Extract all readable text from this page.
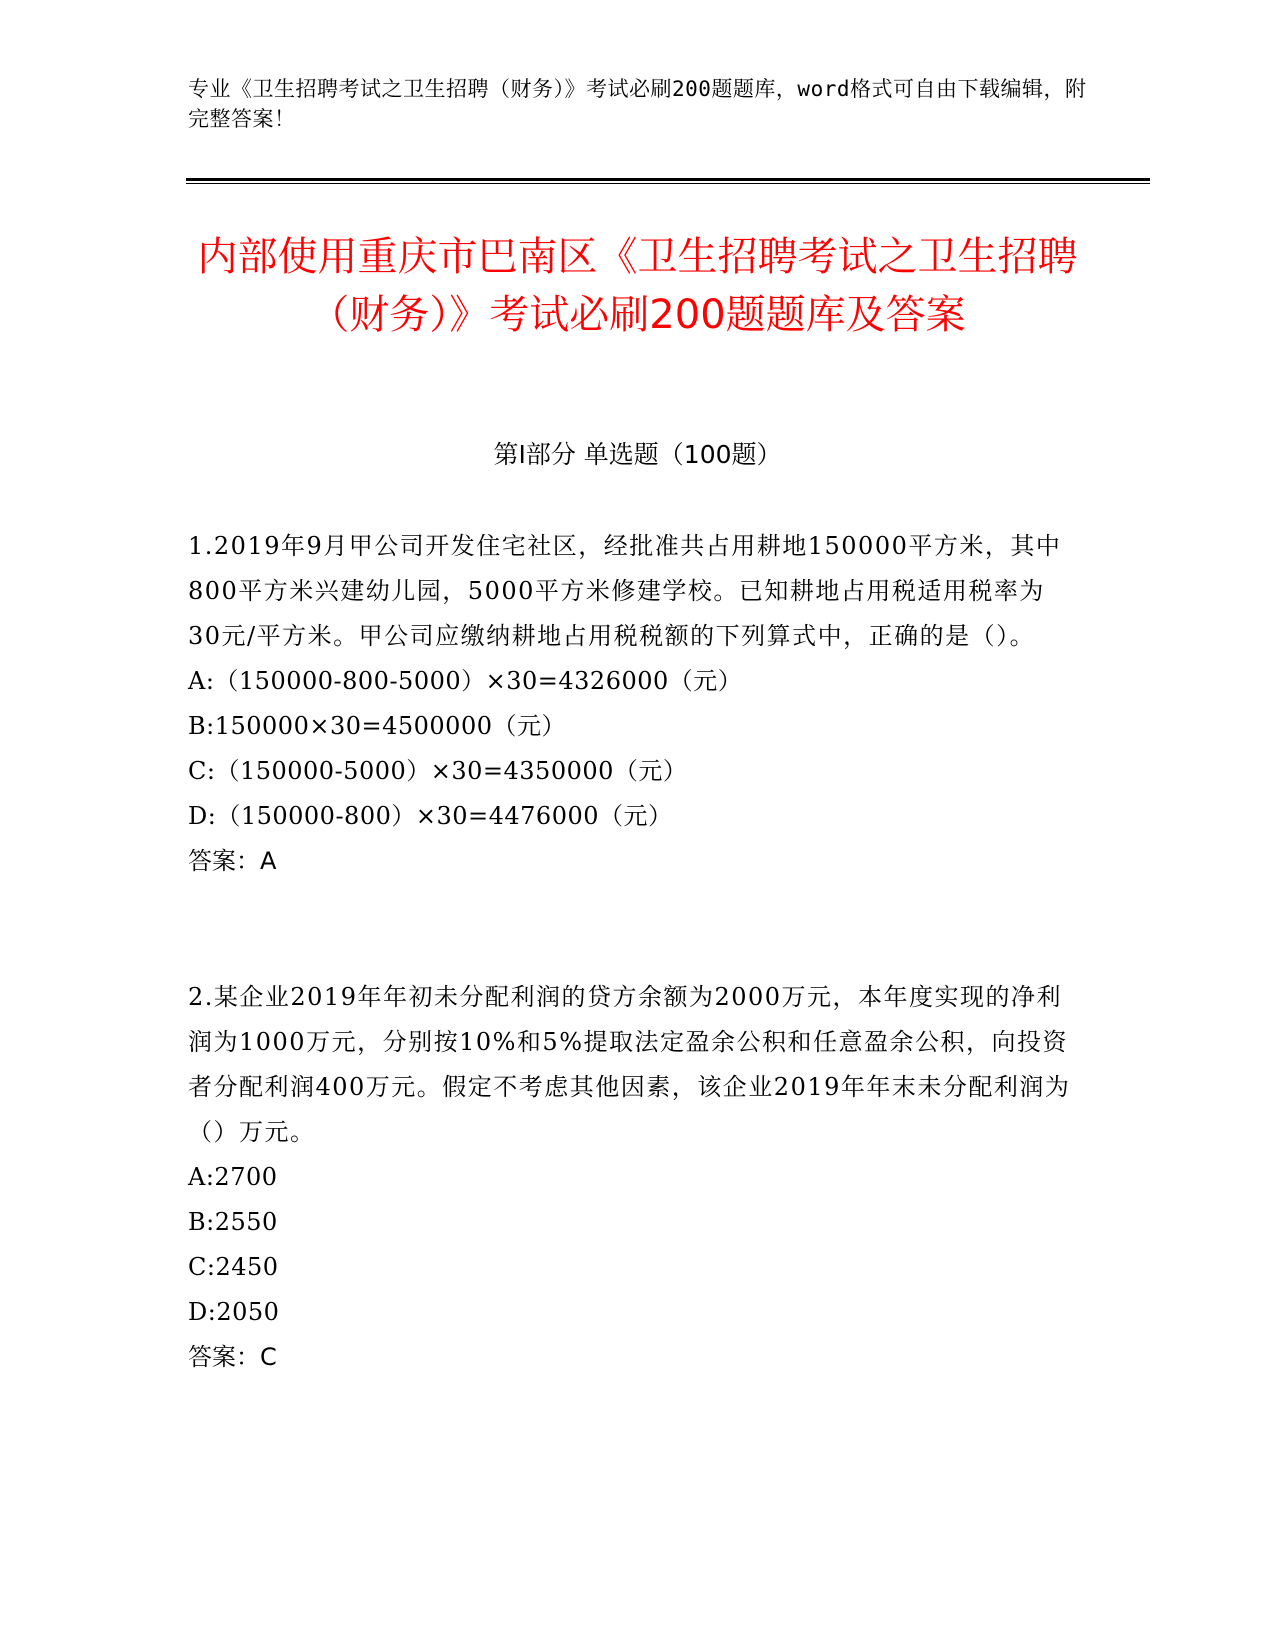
专业《卫生招聘考试之卫生招聘（财务）》考试必刷200题题库，word格式可自由下载编辑，附完整答案！
内部使用重庆市巴南区《卫生招聘考试之卫生招聘（财务）》考试必刷200题题库及答案
第I部分 单选题（100题）

1.2019年9月甲公司开发住宅社区，经批准共占用耕地150000平方米，其中800平方米兴建幼儿园，5000平方米修建学校。已知耕地占用税适用税率为30元/平方米。甲公司应缴纳耕地占用税税额的下列算式中，正确的是（）。

A:（150000-800-5000）×30=4326000（元）

B:150000×30=4500000（元）

C:（150000-5000）×30=4350000（元）

D:（150000-800）×30=4476000（元）

答案：A

2.某企业2019年年初未分配利润的贷方余额为2000万元，本年度实现的净利润为1000万元，分别按10%和5%提取法定盈余公积和任意盈余公积，向投资者分配利润400万元。假定不考虑其他因素，该企业2019年年末未分配利润为（）万元。

A:2700

B:2550

C:2450

D:2050

答案：C
